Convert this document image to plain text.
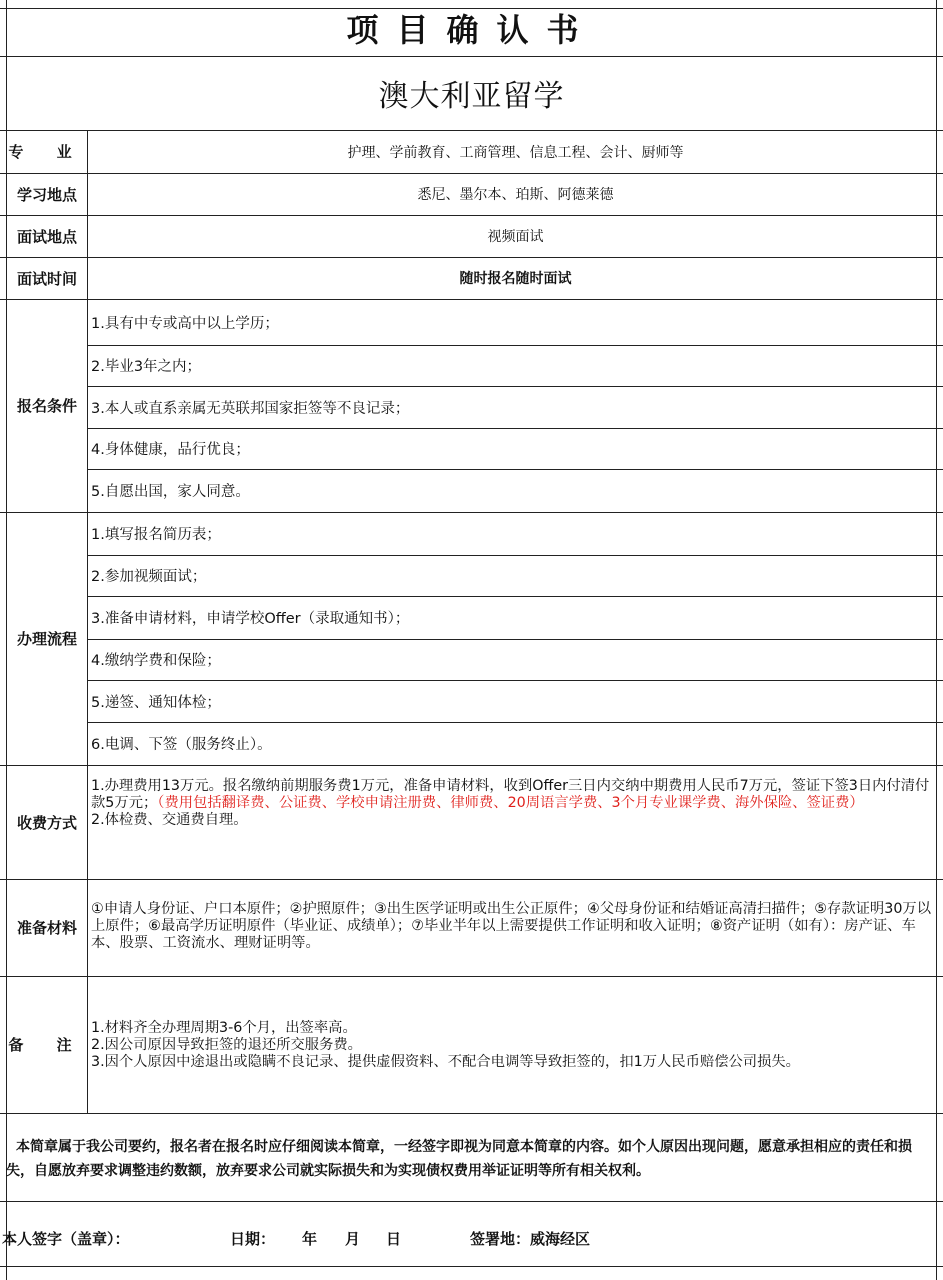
项目确认书
澳大利亚留学
专 业	护理、学前教育、工商管理、信息工程、会计、厨师等
学习地点	悉尼、墨尔本、珀斯、阿德莱德
面试地点	视频面试
面试时间	随时报名随时面试
报名条件
1.具有中专或高中以上学历；
2.毕业3年之内；
3.本人或直系亲属无英联邦国家拒签等不良记录；
4.身体健康，品行优良；
5.自愿出国，家人同意。
办理流程
1.填写报名简历表；
2.参加视频面试；
3.准备申请材料，申请学校Offer（录取通知书）；
4.缴纳学费和保险；
5.递签、通知体检；
6.电调、下签（服务终止）。
收费方式
1.办理费用13万元。报名缴纳前期服务费1万元，准备申请材料，收到Offer三日内交纳中期费用人民币7万元，签证下签3日内付清付款5万元；（费用包括翻译费、公证费、学校申请注册费、律师费、20周语言学费、3个月专业课学费、海外保险、签证费）
2.体检费、交通费自理。
准备材料
①申请人身份证、户口本原件；②护照原件；③出生医学证明或出生公正原件；④父母身份证和结婚证高清扫描件；⑤存款证明30万以上原件；⑥最高学历证明原件（毕业证、成绩单）；⑦毕业半年以上需要提供工作证明和收入证明；⑧资产证明（如有）：房产证、车本、股票、工资流水、理财证明等。
备 注
1.材料齐全办理周期3-6个月，出签率高。
2.因公司原因导致拒签的退还所交服务费。
3.因个人原因中途退出或隐瞒不良记录、提供虚假资料、不配合电调等导致拒签的，扣1万人民币赔偿公司损失。
本简章属于我公司要约，报名者在报名时应仔细阅读本简章，一经签字即视为同意本简章的内容。如个人原因出现问题，愿意承担相应的责任和损失，自愿放弃要求调整违约数额，放弃要求公司就实际损失和为实现债权费用举证证明等所有相关权利。
本人签字（盖章）：	日期： 年 月 日	签署地：威海经区
